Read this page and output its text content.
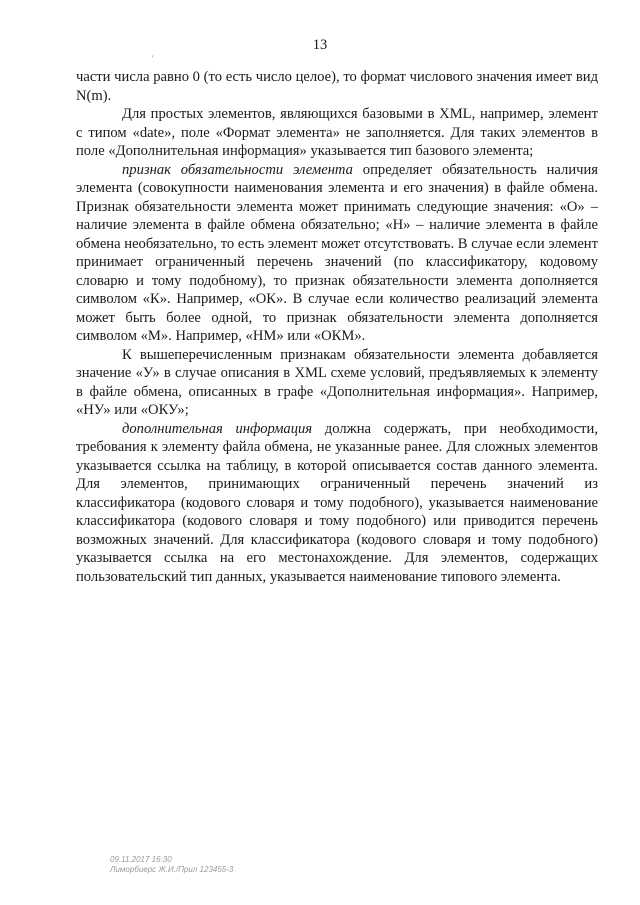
13
'

части числа равно 0 (то есть число целое), то формат числового значения имеет вид N(m).

Для простых элементов, являющихся базовыми в XML, например, элемент с типом «date», поле «Формат элемента» не заполняется. Для таких элементов в поле «Дополнительная информация» указывается тип базового элемента;

признак обязательности элемента определяет обязательность наличия элемента (совокупности наименования элемента и его значения) в файле обмена. Признак обязательности элемента может принимать следующие значения: «О» – наличие элемента в файле обмена обязательно; «Н» – наличие элемента в файле обмена необязательно, то есть элемент может отсутствовать. В случае если элемент принимает ограниченный перечень значений (по классификатору, кодовому словарю и тому подобному), то признак обязательности элемента дополняется символом «К». Например, «ОК». В случае если количество реализаций элемента может быть более одной, то признак обязательности элемента дополняется символом «М». Например, «НМ» или «ОКМ».

К вышеперечисленным признакам обязательности элемента добавляется значение «У» в случае описания в XML схеме условий, предъявляемых к элементу в файле обмена, описанных в графе «Дополнительная информация». Например, «НУ» или «ОКУ»;

дополнительная информация должна содержать, при необходимости, требования к элементу файла обмена, не указанные ранее. Для сложных элементов указывается ссылка на таблицу, в которой описывается состав данного элемента. Для элементов, принимающих ограниченный перечень значений из классификатора (кодового словаря и тому подобного), указывается наименование классификатора (кодового словаря и тому подобного) или приводится перечень возможных значений. Для классификатора (кодового словаря и тому подобного) указывается ссылка на его местонахождение. Для элементов, содержащих пользовательский тип данных, указывается наименование типового элемента.

09.11.2017 16:30
Лиморбиерс Ж.И./Прил 123455-3
